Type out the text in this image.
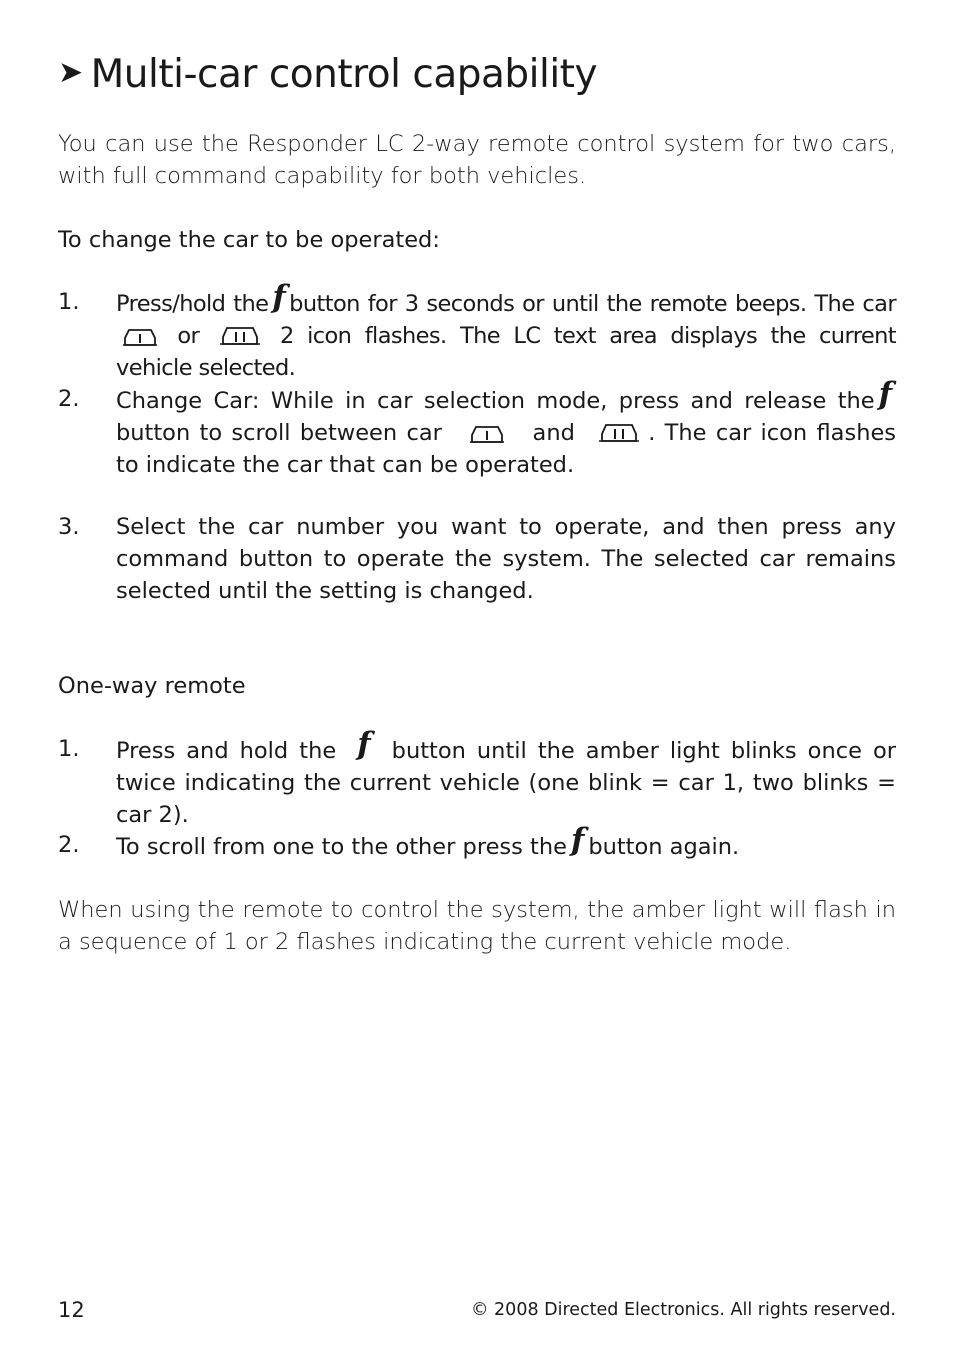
➤ Multi-car control capability
You can use the Responder LC 2-way remote control system for two cars, with full command capability for both vehicles.
To change the car to be operated:
1.	Press/hold the f button for 3 seconds or until the remote beeps. The car  or	2 icon flashes. The LC text area displays the current vehicle selected.
2.	Change Car: While in car selection mode, press and release the f button to scroll between car	and	. The car icon flashes to indicate the car that can be operated.
3.	Select the car number you want to operate, and then press any command button to operate the system. The selected car remains selected until the setting is changed.
One-way remote
1.	Press and hold the f button until the amber light blinks once or twice indicating the current vehicle (one blink = car 1, two blinks = car 2).
2.	To scroll from one to the other press the f button again.
When using the remote to control the system, the amber light will flash in a sequence of 1 or 2 flashes indicating the current vehicle mode.
12	© 2008 Directed Electronics. All rights reserved.
